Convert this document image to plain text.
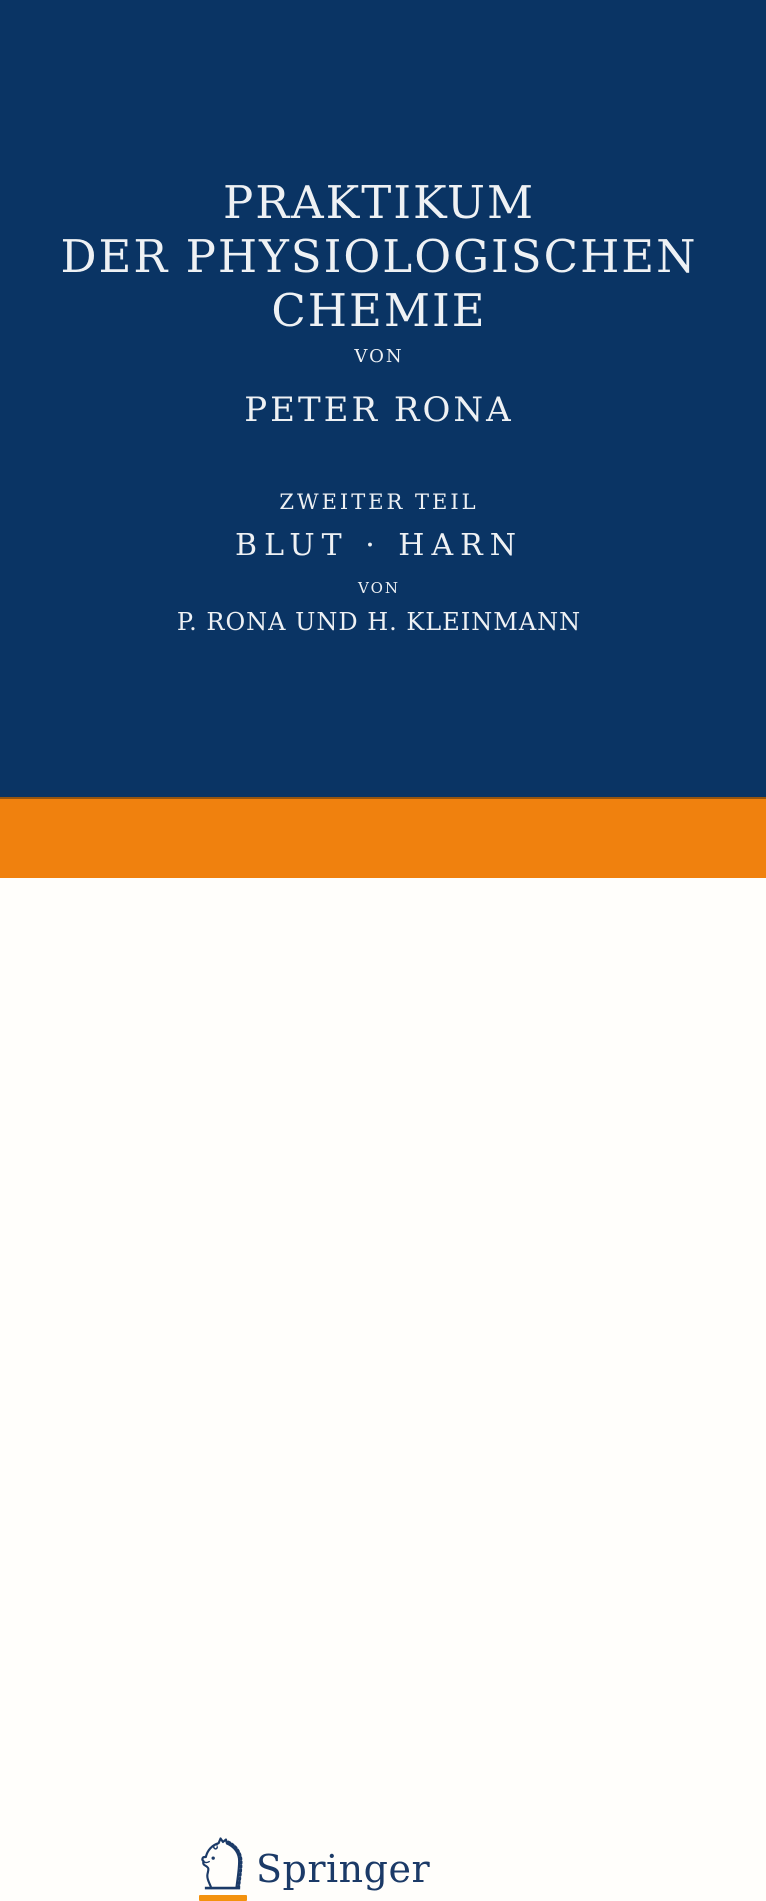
PRAKTIKUM
DER PHYSIOLOGISCHEN
CHEMIE
VON
PETER RONA
ZWEITER TEIL
BLUT · HARN
VON
P. RONA UND H. KLEINMANN
Springer
